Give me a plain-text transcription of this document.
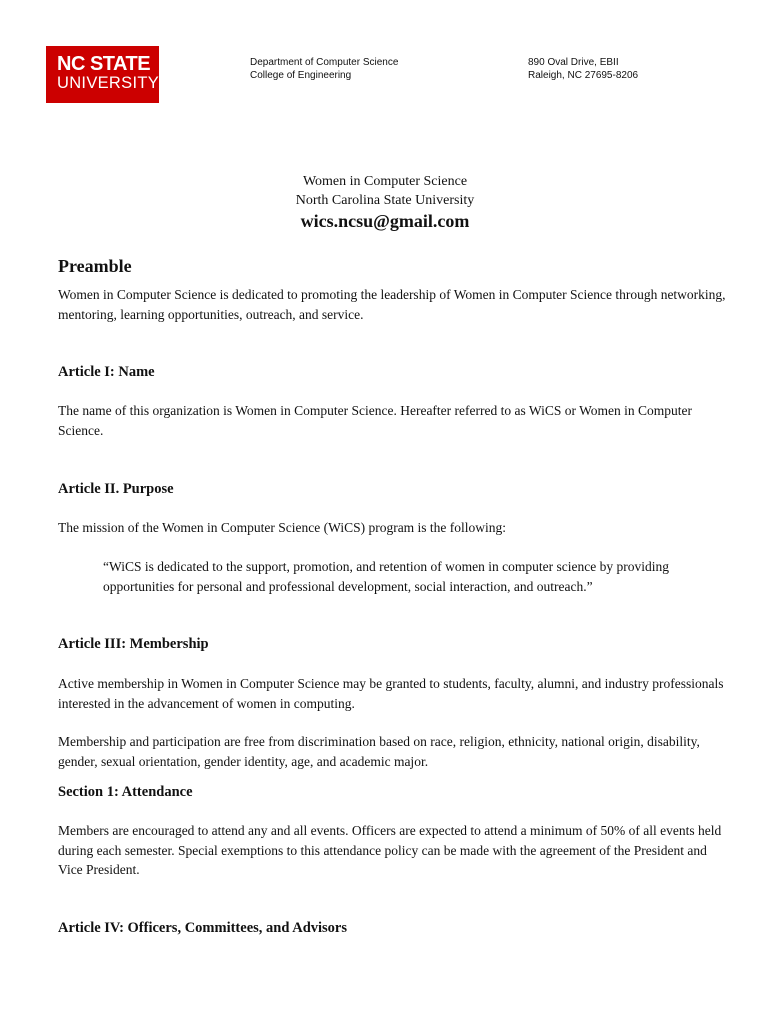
NC STATE
UNIVERSITY
Department of Computer Science
College of Engineering
890 Oval Drive, EBII
Raleigh, NC 27695-8206
Women in Computer Science
North Carolina State University
wics.ncsu@gmail.com
Preamble

Women in Computer Science is dedicated to promoting the leadership of Women in Computer Science through networking, mentoring, learning opportunities, outreach, and service.

Article I: Name

The name of this organization is Women in Computer Science. Hereafter referred to as WiCS or Women in Computer Science.

Article II. Purpose

The mission of the Women in Computer Science (WiCS) program is the following:

“WiCS is dedicated to the support, promotion, and retention of women in computer science by providing opportunities for personal and professional development, social interaction, and outreach.”

Article III: Membership

Active membership in Women in Computer Science may be granted to students, faculty, alumni, and industry professionals interested in the advancement of women in computing.

Membership and participation are free from discrimination based on race, religion, ethnicity, national origin, disability, gender, sexual orientation, gender identity, age, and academic major.

Section 1: Attendance

Members are encouraged to attend any and all events. Officers are expected to attend a minimum of 50% of all events held during each semester. Special exemptions to this attendance policy can be made with the agreement of the President and Vice President.

Article IV: Officers, Committees, and Advisors
